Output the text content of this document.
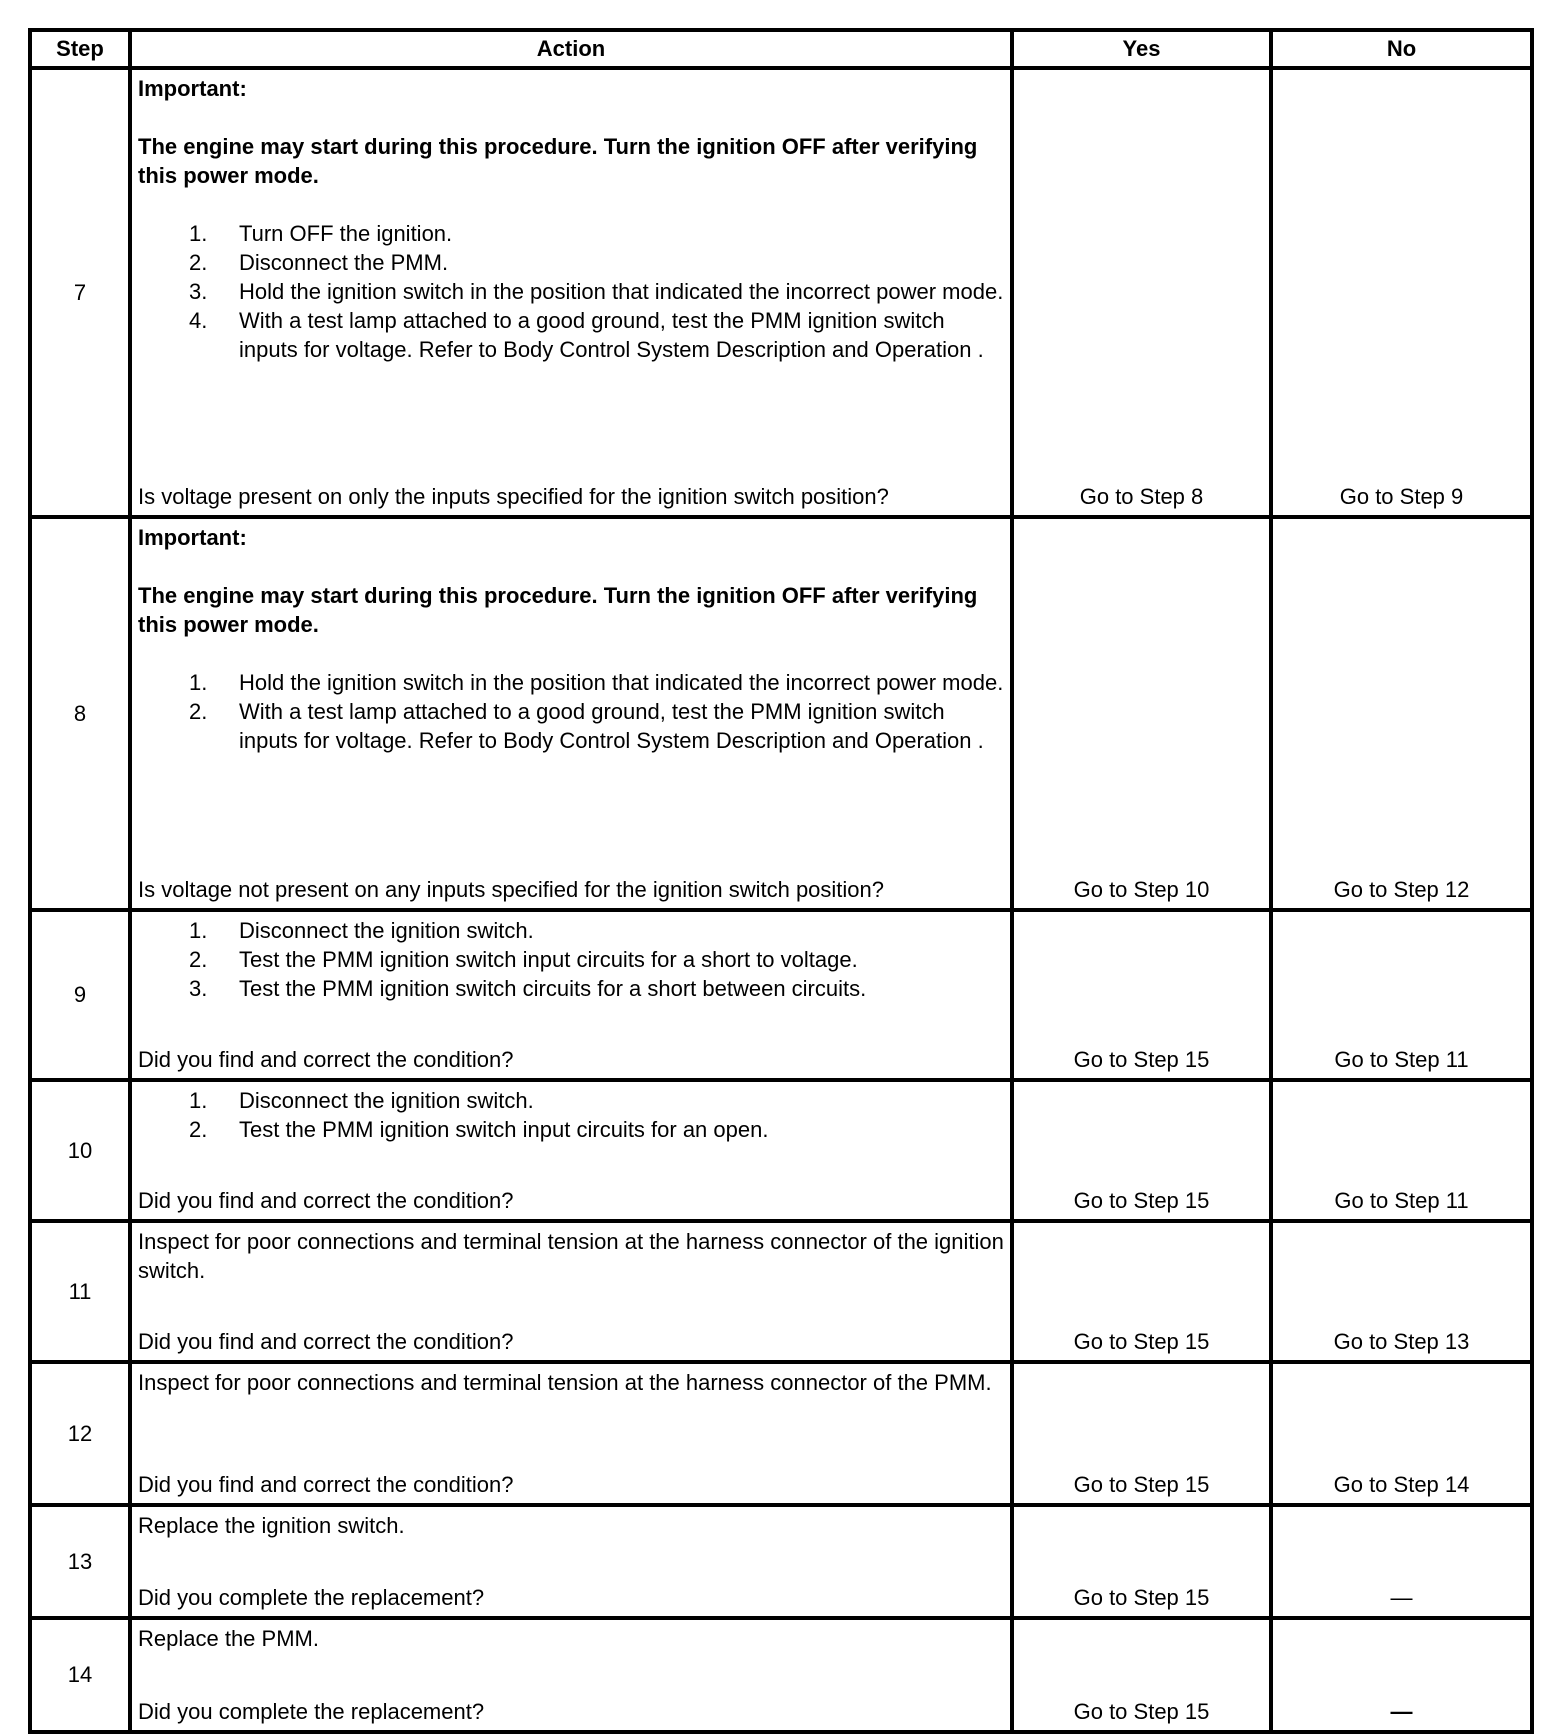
Step	Action	Yes	No
7	
Important:
The engine may start during this procedure. Turn the ignition OFF after verifying this power mode.
1. Turn OFF the ignition.
2. Disconnect the PMM.
3. Hold the ignition switch in the position that indicated the incorrect power mode.
4. With a test lamp attached to a good ground, test the PMM ignition switch inputs for voltage. Refer to Body Control System Description and Operation .
Is voltage present on only the inputs specified for the ignition switch position?	Go to Step 8	Go to Step 9
8	
Important:
The engine may start during this procedure. Turn the ignition OFF after verifying this power mode.
1. Hold the ignition switch in the position that indicated the incorrect power mode.
2. With a test lamp attached to a good ground, test the PMM ignition switch inputs for voltage. Refer to Body Control System Description and Operation .
Is voltage not present on any inputs specified for the ignition switch position?	Go to Step 10	Go to Step 12
9	
1. Disconnect the ignition switch.
2. Test the PMM ignition switch input circuits for a short to voltage.
3. Test the PMM ignition switch circuits for a short between circuits.
Did you find and correct the condition?	Go to Step 15	Go to Step 11
10	
1. Disconnect the ignition switch.
2. Test the PMM ignition switch input circuits for an open.
Did you find and correct the condition?	Go to Step 15	Go to Step 11
11	Inspect for poor connections and terminal tension at the harness connector of the ignition switch.
Did you find and correct the condition?	Go to Step 15	Go to Step 13
12	Inspect for poor connections and terminal tension at the harness connector of the PMM.
Did you find and correct the condition?	Go to Step 15	Go to Step 14
13	Replace the ignition switch.
Did you complete the replacement?	Go to Step 15	—
14	Replace the PMM.
Did you complete the replacement?	Go to Step 15	—
